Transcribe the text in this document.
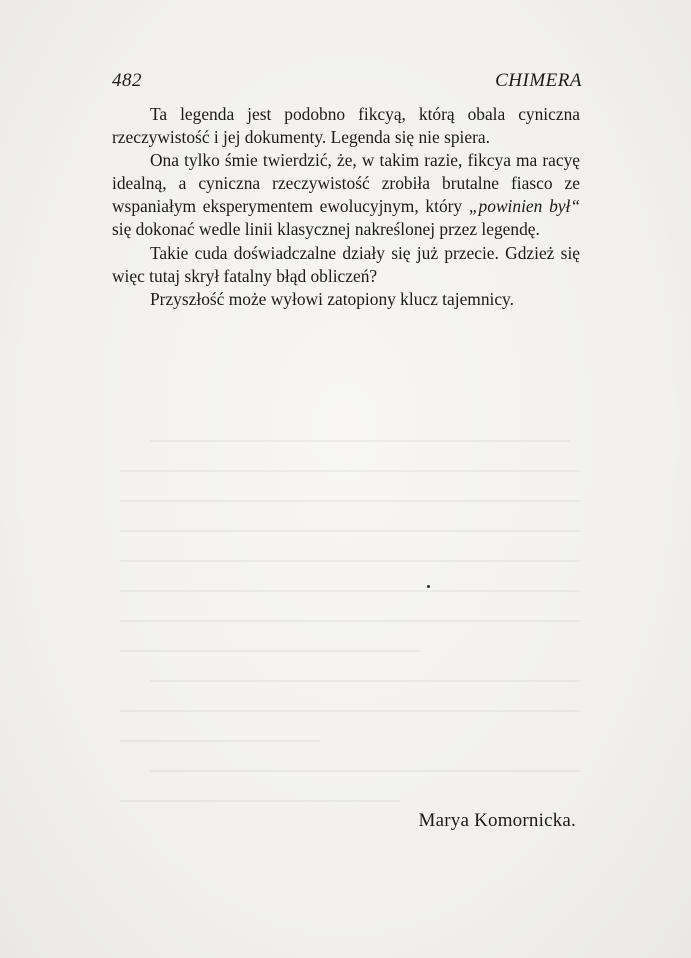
482	CHIMERA

Ta legenda jest podobno fikcyą, którą obala cyniczna rzeczywistość i jej dokumenty. Legenda się nie spiera.

Ona tylko śmie twierdzić, że, w takim razie, fikcya ma racyę idealną, a cyniczna rzeczywistość zrobiła brutalne fiasco ze wspaniałym eksperymentem ewolucyjnym, który „powinien był“ się dokonać wedle linii klasycznej nakreślonej przez legendę.

Takie cuda doświadczalne działy się już przecie. Gdzież się więc tutaj skrył fatalny błąd obliczeń?

Przyszłość może wyłowi zatopiony klucz tajemnicy.

Marya Komornicka.
